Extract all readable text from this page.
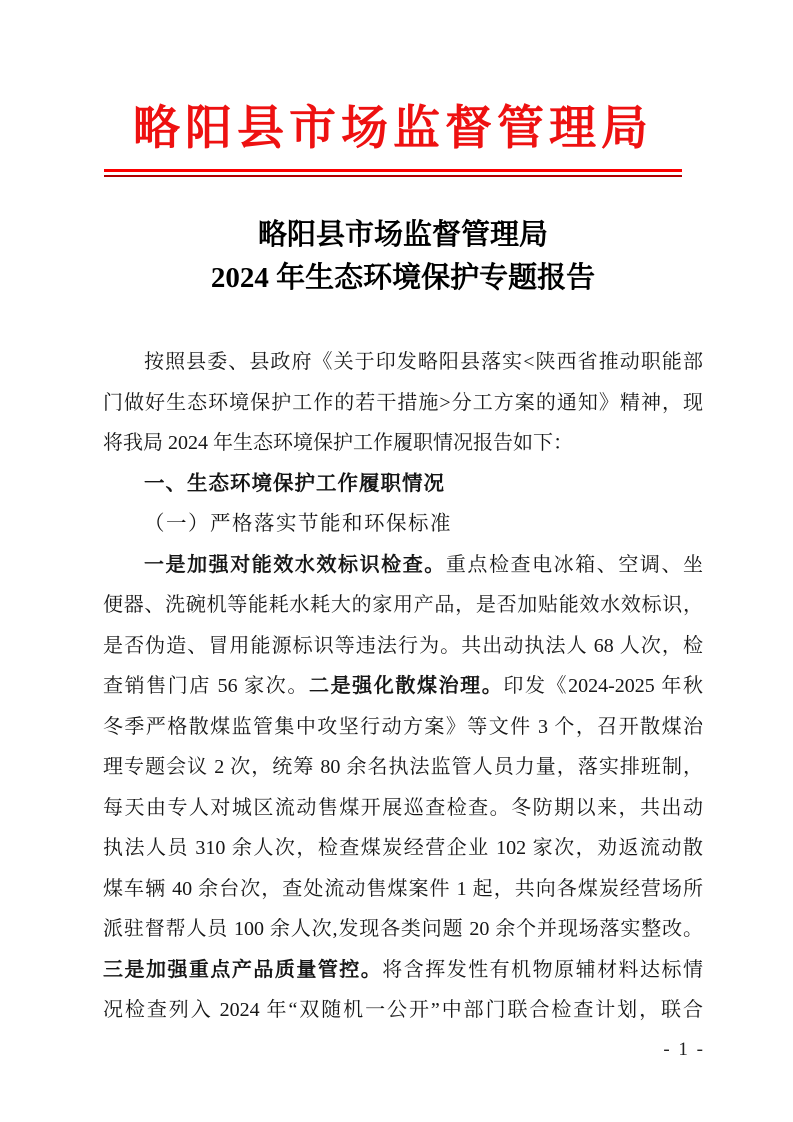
略阳县市场监督管理局
略阳县市场监督管理局
2024 年生态环境保护专题报告
按照县委、县政府《关于印发略阳县落实<陕西省推动职能部
门做好生态环境保护工作的若干措施>分工方案的通知》精神，现
将我局 2024 年生态环境保护工作履职情况报告如下：
一、生态环境保护工作履职情况
（一）严格落实节能和环保标准
一是加强对能效水效标识检查。重点检查电冰箱、空调、坐
便器、洗碗机等能耗水耗大的家用产品，是否加贴能效水效标识，
是否伪造、冒用能源标识等违法行为。共出动执法人 68 人次，检
查销售门店 56 家次。二是强化散煤治理。印发《2024-2025 年秋
冬季严格散煤监管集中攻坚行动方案》等文件 3 个，召开散煤治
理专题会议 2 次，统筹 80 余名执法监管人员力量，落实排班制，
每天由专人对城区流动售煤开展巡查检查。冬防期以来，共出动
执法人员 310 余人次，检查煤炭经营企业 102 家次，劝返流动散
煤车辆 40 余台次，查处流动售煤案件 1 起，共向各煤炭经营场所
派驻督帮人员 100 余人次,发现各类问题 20 余个并现场落实整改。
三是加强重点产品质量管控。将含挥发性有机物原辅材料达标情
况检查列入 2024 年“双随机一公开”中部门联合检查计划，联合
- 1 -
